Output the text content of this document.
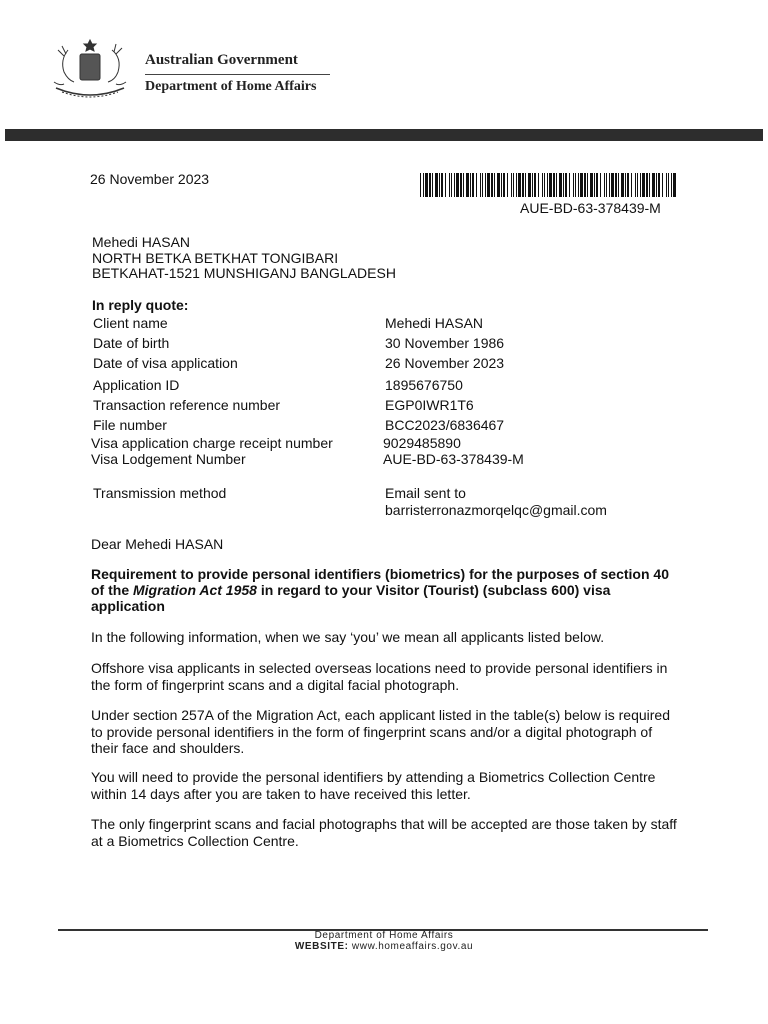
Australian Government
Department of Home Affairs
26 November 2023
AUE-BD-63-378439-M
Mehedi HASAN
NORTH BETKA BETKHAT TONGIBARI
BETKAHAT-1521 MUNSHIGANJ BANGLADESH
In reply quote:
Client name	Mehedi HASAN
Date of birth	30 November 1986
Date of visa application	26 November 2023
Application ID	1895676750
Transaction reference number	EGP0IWR1T6
File number	BCC2023/6836467
Visa application charge receipt number	9029485890
Visa Lodgement Number	AUE-BD-63-378439-M
Transmission method	Email sent to
barristerronazmorqelqc@gmail.com
Dear Mehedi HASAN
Requirement to provide personal identifiers (biometrics) for the purposes of section 40 of the Migration Act 1958 in regard to your Visitor (Tourist) (subclass 600) visa application
In the following information, when we say ‘you’ we mean all applicants listed below.
Offshore visa applicants in selected overseas locations need to provide personal identifiers in the form of fingerprint scans and a digital facial photograph.
Under section 257A of the Migration Act, each applicant listed in the table(s) below is required to provide personal identifiers in the form of fingerprint scans and/or a digital photograph of their face and shoulders.
You will need to provide the personal identifiers by attending a Biometrics Collection Centre within 14 days after you are taken to have received this letter.
The only fingerprint scans and facial photographs that will be accepted are those taken by staff at a Biometrics Collection Centre.
Department of Home Affairs
WEBSITE: www.homeaffairs.gov.au
